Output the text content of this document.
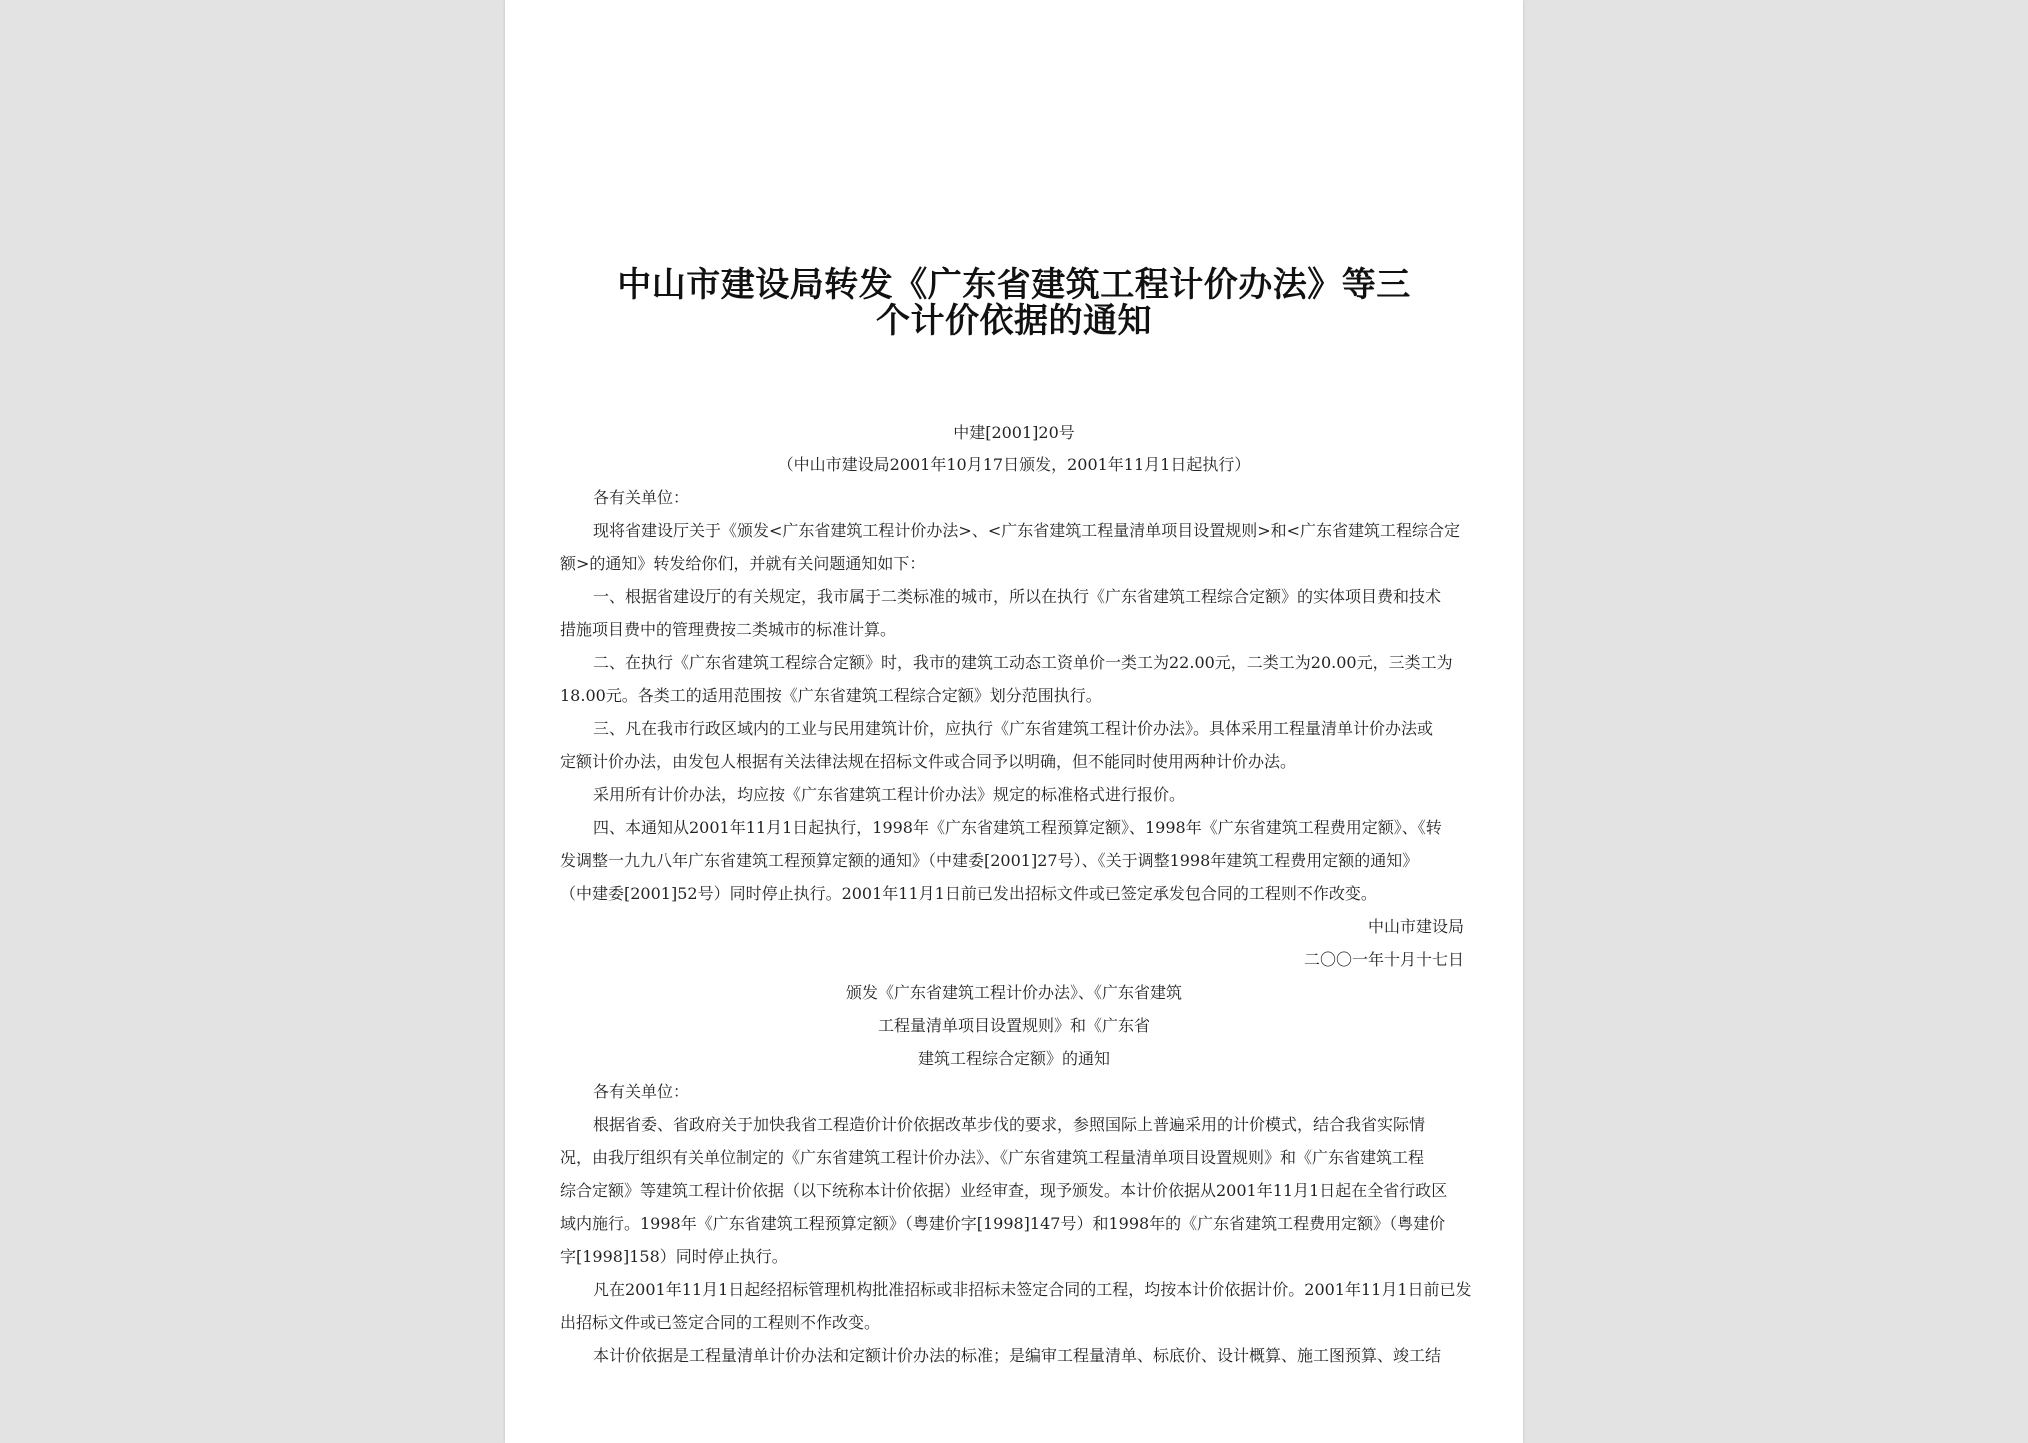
中山市建设局转发《广东省建筑工程计价办法》等三
个计价依据的通知
中建[2001]20号
（中山市建设局2001年10月17日颁发，2001年11月1日起执行）
各有关单位：
现将省建设厅关于《颁发<广东省建筑工程计价办法>、<广东省建筑工程量清单项目设置规则>和<广东省建筑工程综合定
额>的通知》转发给你们，并就有关问题通知如下：
一、根据省建设厅的有关规定，我市属于二类标准的城市，所以在执行《广东省建筑工程综合定额》的实体项目费和技术
措施项目费中的管理费按二类城市的标准计算。
二、在执行《广东省建筑工程综合定额》时，我市的建筑工动态工资单价一类工为22.00元，二类工为20.00元，三类工为
18.00元。各类工的适用范围按《广东省建筑工程综合定额》划分范围执行。
三、凡在我市行政区域内的工业与民用建筑计价，应执行《广东省建筑工程计价办法》。具体采用工程量清单计价办法或
定额计价办法，由发包人根据有关法律法规在招标文件或合同予以明确，但不能同时使用两种计价办法。
采用所有计价办法，均应按《广东省建筑工程计价办法》规定的标准格式进行报价。
四、本通知从2001年11月1日起执行，1998年《广东省建筑工程预算定额》、1998年《广东省建筑工程费用定额》、《转
发调整一九九八年广东省建筑工程预算定额的通知》（中建委[2001]27号）、《关于调整1998年建筑工程费用定额的通知》
（中建委[2001]52号）同时停止执行。2001年11月1日前已发出招标文件或已签定承发包合同的工程则不作改变。
中山市建设局
二〇〇一年十月十七日
颁发《广东省建筑工程计价办法》、《广东省建筑
工程量清单项目设置规则》和《广东省
建筑工程综合定额》的通知
各有关单位：
根据省委、省政府关于加快我省工程造价计价依据改革步伐的要求，参照国际上普遍采用的计价模式，结合我省实际情
况，由我厅组织有关单位制定的《广东省建筑工程计价办法》、《广东省建筑工程量清单项目设置规则》和《广东省建筑工程
综合定额》等建筑工程计价依据（以下统称本计价依据）业经审查，现予颁发。本计价依据从2001年11月1日起在全省行政区
域内施行。1998年《广东省建筑工程预算定额》（粤建价字[1998]147号）和1998年的《广东省建筑工程费用定额》（粤建价
字[1998]158）同时停止执行。
凡在2001年11月1日起经招标管理机构批准招标或非招标未签定合同的工程，均按本计价依据计价。2001年11月1日前已发
出招标文件或已签定合同的工程则不作改变。
本计价依据是工程量清单计价办法和定额计价办法的标准；是编审工程量清单、标底价、设计概算、施工图预算、竣工结
